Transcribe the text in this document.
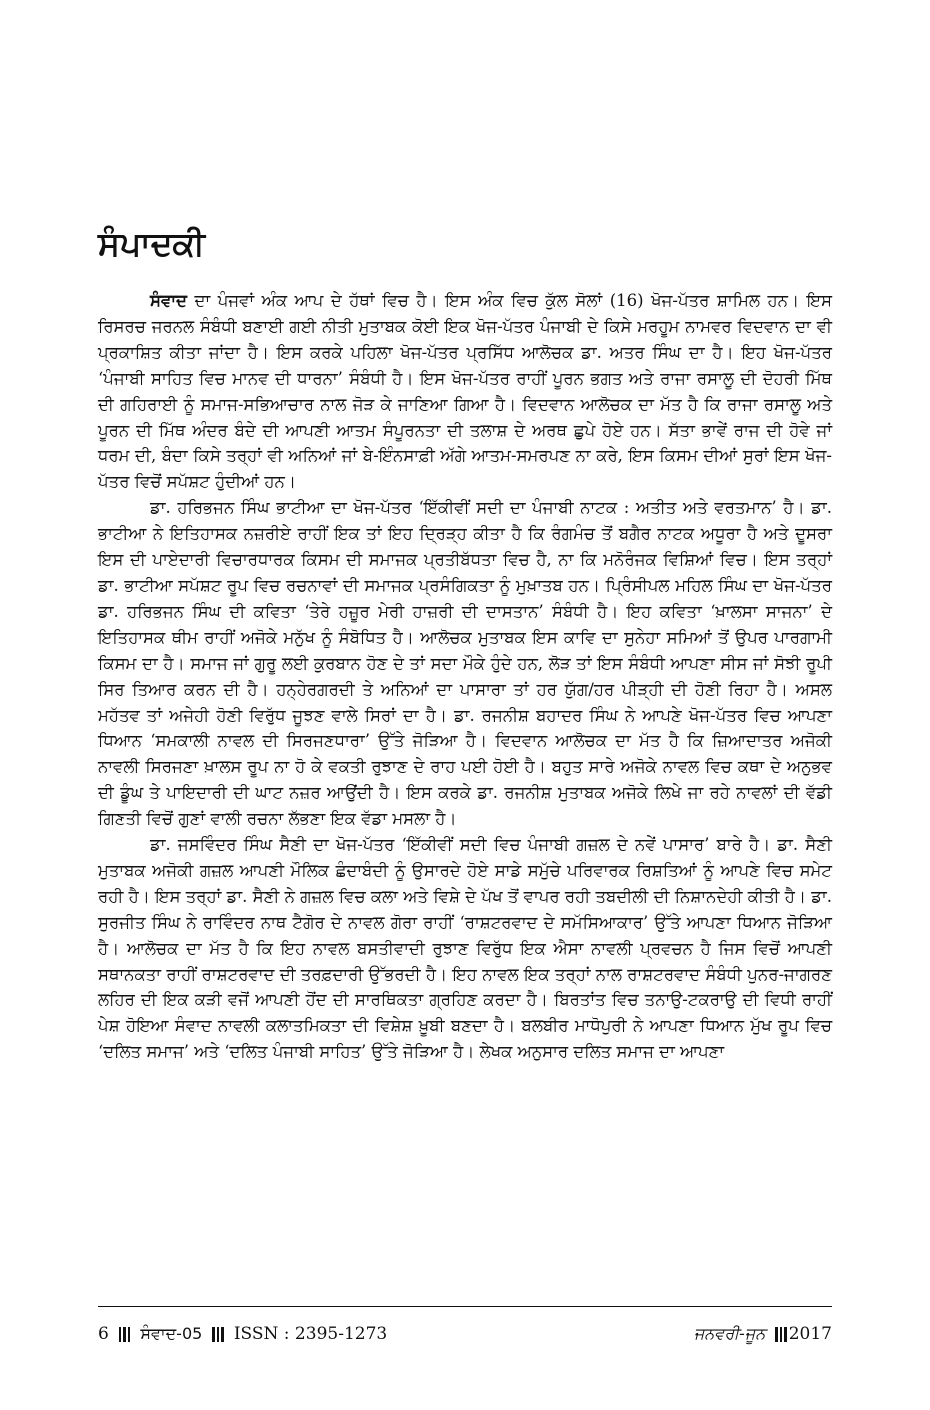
ਸੰਪਾਦਕੀ

ਸੰਵਾਦ ਦਾ ਪੰਜਵਾਂ ਅੰਕ ਆਪ ਦੇ ਹੱਥਾਂ ਵਿਚ ਹੈ। ਇਸ ਅੰਕ ਵਿਚ ਕੁੱਲ ਸੋਲਾਂ (16) ਖੋਜ-ਪੱਤਰ ਸ਼ਾਮਿਲ ਹਨ। ਇਸ ਰਿਸਰਚ ਜਰਨਲ ਸੰਬੰਧੀ ਬਣਾਈ ਗਈ ਨੀਤੀ ਮੁਤਾਬਕ ਕੋਈ ਇਕ ਖੋਜ-ਪੱਤਰ ਪੰਜਾਬੀ ਦੇ ਕਿਸੇ ਮਰਹੂਮ ਨਾਮਵਰ ਵਿਦਵਾਨ ਦਾ ਵੀ ਪ੍ਰਕਾਸ਼ਿਤ ਕੀਤਾ ਜਾਂਦਾ ਹੈ। ਇਸ ਕਰਕੇ ਪਹਿਲਾ ਖੋਜ-ਪੱਤਰ ਪ੍ਰਸਿੱਧ ਆਲੋਚਕ ਡਾ. ਅਤਰ ਸਿੰਘ ਦਾ ਹੈ। ਇਹ ਖੋਜ-ਪੱਤਰ ‘ਪੰਜਾਬੀ ਸਾਹਿਤ ਵਿਚ ਮਾਨਵ ਦੀ ਧਾਰਨਾ’ ਸੰਬੰਧੀ ਹੈ। ਇਸ ਖੋਜ-ਪੱਤਰ ਰਾਹੀਂ ਪੂਰਨ ਭਗਤ ਅਤੇ ਰਾਜਾ ਰਸਾਲੂ ਦੀ ਦੋਹਰੀ ਮਿੱਥ ਦੀ ਗਹਿਰਾਈ ਨੂੰ ਸਮਾਜ-ਸਭਿਆਚਾਰ ਨਾਲ ਜੋੜ ਕੇ ਜਾਣਿਆ ਗਿਆ ਹੈ। ਵਿਦਵਾਨ ਆਲੋਚਕ ਦਾ ਮੱਤ ਹੈ ਕਿ ਰਾਜਾ ਰਸਾਲੂ ਅਤੇ ਪੂਰਨ ਦੀ ਮਿੱਥ ਅੰਦਰ ਬੰਦੇ ਦੀ ਆਪਣੀ ਆਤਮ ਸੰਪੂਰਨਤਾ ਦੀ ਤਲਾਸ਼ ਦੇ ਅਰਥ ਛੁਪੇ ਹੋਏ ਹਨ। ਸੱਤਾ ਭਾਵੇਂ ਰਾਜ ਦੀ ਹੋਵੇ ਜਾਂ ਧਰਮ ਦੀ, ਬੰਦਾ ਕਿਸੇ ਤਰ੍ਹਾਂ ਵੀ ਅਨਿਆਂ ਜਾਂ ਬੇ-ਇੰਨਸਾਫ਼ੀ ਅੱਗੇ ਆਤਮ-ਸਮਰਪਣ ਨਾ ਕਰੇ, ਇਸ ਕਿਸਮ ਦੀਆਂ ਸੁਰਾਂ ਇਸ ਖੋਜ-ਪੱਤਰ ਵਿਚੋਂ ਸਪੱਸ਼ਟ ਹੁੰਦੀਆਂ ਹਨ।

ਡਾ. ਹਰਿਭਜਨ ਸਿੰਘ ਭਾਟੀਆ ਦਾ ਖੋਜ-ਪੱਤਰ ‘ਇੱਕੀਵੀਂ ਸਦੀ ਦਾ ਪੰਜਾਬੀ ਨਾਟਕ : ਅਤੀਤ ਅਤੇ ਵਰਤਮਾਨ’ ਹੈ। ਡਾ. ਭਾਟੀਆ ਨੇ ਇਤਿਹਾਸਕ ਨਜ਼ਰੀਏ ਰਾਹੀਂ ਇਕ ਤਾਂ ਇਹ ਦ੍ਰਿੜ੍ਹ ਕੀਤਾ ਹੈ ਕਿ ਰੰਗਮੰਚ ਤੋਂ ਬਗੈਰ ਨਾਟਕ ਅਧੂਰਾ ਹੈ ਅਤੇ ਦੂਸਰਾ ਇਸ ਦੀ ਪਾਏਦਾਰੀ ਵਿਚਾਰਧਾਰਕ ਕਿਸਮ ਦੀ ਸਮਾਜਕ ਪ੍ਰਤੀਬੱਧਤਾ ਵਿਚ ਹੈ, ਨਾ ਕਿ ਮਨੋਰੰਜਕ ਵਿਸ਼ਿਆਂ ਵਿਚ। ਇਸ ਤਰ੍ਹਾਂ ਡਾ. ਭਾਟੀਆ ਸਪੱਸ਼ਟ ਰੂਪ ਵਿਚ ਰਚਨਾਵਾਂ ਦੀ ਸਮਾਜਕ ਪ੍ਰਸੰਗਿਕਤਾ ਨੂੰ ਮੁਖ਼ਾਤਬ ਹਨ। ਪ੍ਰਿੰਸੀਪਲ ਮਹਿਲ ਸਿੰਘ ਦਾ ਖੋਜ-ਪੱਤਰ ਡਾ. ਹਰਿਭਜਨ ਸਿੰਘ ਦੀ ਕਵਿਤਾ ‘ਤੇਰੇ ਹਜ਼ੂਰ ਮੇਰੀ ਹਾਜ਼ਰੀ ਦੀ ਦਾਸਤਾਨ’ ਸੰਬੰਧੀ ਹੈ। ਇਹ ਕਵਿਤਾ ‘ਖ਼ਾਲਸਾ ਸਾਜਨਾ’ ਦੇ ਇਤਿਹਾਸਕ ਥੀਮ ਰਾਹੀਂ ਅਜੋਕੇ ਮਨੁੱਖ ਨੂੰ ਸੰਬੋਧਿਤ ਹੈ। ਆਲੋਚਕ ਮੁਤਾਬਕ ਇਸ ਕਾਵਿ ਦਾ ਸੁਨੇਹਾ ਸਮਿਆਂ ਤੋਂ ਉਪਰ ਪਾਰਗਾਮੀ ਕਿਸਮ ਦਾ ਹੈ। ਸਮਾਜ ਜਾਂ ਗੁਰੂ ਲਈ ਕੁਰਬਾਨ ਹੋਣ ਦੇ ਤਾਂ ਸਦਾ ਮੌਕੇ ਹੁੰਦੇ ਹਨ, ਲੋੜ ਤਾਂ ਇਸ ਸੰਬੰਧੀ ਆਪਣਾ ਸੀਸ ਜਾਂ ਸੋਝੀ ਰੂਪੀ ਸਿਰ ਤਿਆਰ ਕਰਨ ਦੀ ਹੈ। ਹਨ੍ਹੇਰਗਰਦੀ ਤੇ ਅਨਿਆਂ ਦਾ ਪਾਸਾਰਾ ਤਾਂ ਹਰ ਯੁੱਗ/ਹਰ ਪੀੜ੍ਹੀ ਦੀ ਹੋਣੀ ਰਿਹਾ ਹੈ। ਅਸਲ ਮਹੱਤਵ ਤਾਂ ਅਜੇਹੀ ਹੋਣੀ ਵਿਰੁੱਧ ਜੂਝਣ ਵਾਲੇ ਸਿਰਾਂ ਦਾ ਹੈ। ਡਾ. ਰਜਨੀਸ਼ ਬਹਾਦਰ ਸਿੰਘ ਨੇ ਆਪਣੇ ਖੋਜ-ਪੱਤਰ ਵਿਚ ਆਪਣਾ ਧਿਆਨ ‘ਸਮਕਾਲੀ ਨਾਵਲ ਦੀ ਸਿਰਜਣਧਾਰਾ’ ਉੱਤੇ ਜੋੜਿਆ ਹੈ। ਵਿਦਵਾਨ ਆਲੋਚਕ ਦਾ ਮੱਤ ਹੈ ਕਿ ਜ਼ਿਆਦਾਤਰ ਅਜੋਕੀ ਨਾਵਲੀ ਸਿਰਜਣਾ ਖ਼ਾਲਸ ਰੂਪ ਨਾ ਹੋ ਕੇ ਵਕਤੀ ਰੁਝਾਣ ਦੇ ਰਾਹ ਪਈ ਹੋਈ ਹੈ। ਬਹੁਤ ਸਾਰੇ ਅਜੋਕੇ ਨਾਵਲ ਵਿਚ ਕਥਾ ਦੇ ਅਨੁਭਵ ਦੀ ਡੂੰਘ ਤੇ ਪਾਇਦਾਰੀ ਦੀ ਘਾਟ ਨਜ਼ਰ ਆਉਂਦੀ ਹੈ। ਇਸ ਕਰਕੇ ਡਾ. ਰਜਨੀਸ਼ ਮੁਤਾਬਕ ਅਜੋਕੇ ਲਿਖੇ ਜਾ ਰਹੇ ਨਾਵਲਾਂ ਦੀ ਵੱਡੀ ਗਿਣਤੀ ਵਿਚੋਂ ਗੁਣਾਂ ਵਾਲੀ ਰਚਨਾ ਲੱਭਣਾ ਇਕ ਵੱਡਾ ਮਸਲਾ ਹੈ।

ਡਾ. ਜਸਵਿੰਦਰ ਸਿੰਘ ਸੈਣੀ ਦਾ ਖੋਜ-ਪੱਤਰ ‘ਇੱਕੀਵੀਂ ਸਦੀ ਵਿਚ ਪੰਜਾਬੀ ਗਜ਼ਲ ਦੇ ਨਵੇਂ ਪਾਸਾਰ’ ਬਾਰੇ ਹੈ। ਡਾ. ਸੈਣੀ ਮੁਤਾਬਕ ਅਜੋਕੀ ਗਜ਼ਲ ਆਪਣੀ ਮੌਲਿਕ ਛੰਦਾਬੰਦੀ ਨੂੰ ਉਸਾਰਦੇ ਹੋਏ ਸਾਡੇ ਸਮੁੱਚੇ ਪਰਿਵਾਰਕ ਰਿਸ਼ਤਿਆਂ ਨੂੰ ਆਪਣੇ ਵਿਚ ਸਮੇਟ ਰਹੀ ਹੈ। ਇਸ ਤਰ੍ਹਾਂ ਡਾ. ਸੈਣੀ ਨੇ ਗਜ਼ਲ ਵਿਚ ਕਲਾ ਅਤੇ ਵਿਸ਼ੇ ਦੇ ਪੱਖ ਤੋਂ ਵਾਪਰ ਰਹੀ ਤਬਦੀਲੀ ਦੀ ਨਿਸ਼ਾਨਦੇਹੀ ਕੀਤੀ ਹੈ। ਡਾ. ਸੁਰਜੀਤ ਸਿੰਘ ਨੇ ਰਾਵਿੰਦਰ ਨਾਥ ਟੈਗੋਰ ਦੇ ਨਾਵਲ ਗੋਰਾ ਰਾਹੀਂ ‘ਰਾਸ਼ਟਰਵਾਦ ਦੇ ਸਮੱਸਿਆਕਾਰ’ ਉੱਤੇ ਆਪਣਾ ਧਿਆਨ ਜੋੜਿਆ ਹੈ। ਆਲੋਚਕ ਦਾ ਮੱਤ ਹੈ ਕਿ ਇਹ ਨਾਵਲ ਬਸਤੀਵਾਦੀ ਰੁਝਾਣ ਵਿਰੁੱਧ ਇਕ ਐਸਾ ਨਾਵਲੀ ਪ੍ਰਵਚਨ ਹੈ ਜਿਸ ਵਿਚੋਂ ਆਪਣੀ ਸਥਾਨਕਤਾ ਰਾਹੀਂ ਰਾਸ਼ਟਰਵਾਦ ਦੀ ਤਰਫ਼ਦਾਰੀ ਉੱਭਰਦੀ ਹੈ। ਇਹ ਨਾਵਲ ਇਕ ਤਰ੍ਹਾਂ ਨਾਲ ਰਾਸ਼ਟਰਵਾਦ ਸੰਬੰਧੀ ਪੁਨਰ-ਜਾਗਰਣ ਲਹਿਰ ਦੀ ਇਕ ਕੜੀ ਵਜੋਂ ਆਪਣੀ ਹੋਂਦ ਦੀ ਸਾਰਥਿਕਤਾ ਗ੍ਰਹਿਣ ਕਰਦਾ ਹੈ। ਬਿਰਤਾਂਤ ਵਿਚ ਤਨਾਉ-ਟਕਰਾਉ ਦੀ ਵਿਧੀ ਰਾਹੀਂ ਪੇਸ਼ ਹੋਇਆ ਸੰਵਾਦ ਨਾਵਲੀ ਕਲਾਤਮਿਕਤਾ ਦੀ ਵਿਸ਼ੇਸ਼ ਖ਼ੂਬੀ ਬਣਦਾ ਹੈ। ਬਲਬੀਰ ਮਾਧੋਪੁਰੀ ਨੇ ਆਪਣਾ ਧਿਆਨ ਮੁੱਖ ਰੂਪ ਵਿਚ ‘ਦਲਿਤ ਸਮਾਜ’ ਅਤੇ ‘ਦਲਿਤ ਪੰਜਾਬੀ ਸਾਹਿਤ’ ਉੱਤੇ ਜੋੜਿਆ ਹੈ। ਲੇਖਕ ਅਨੁਸਾਰ ਦਲਿਤ ਸਮਾਜ ਦਾ ਆਪਣਾ

6 ਸੰਵਾਦ-05 ISSN : 2395-1273	ਜਨਵਰੀ-ਜੂਨ 2017
